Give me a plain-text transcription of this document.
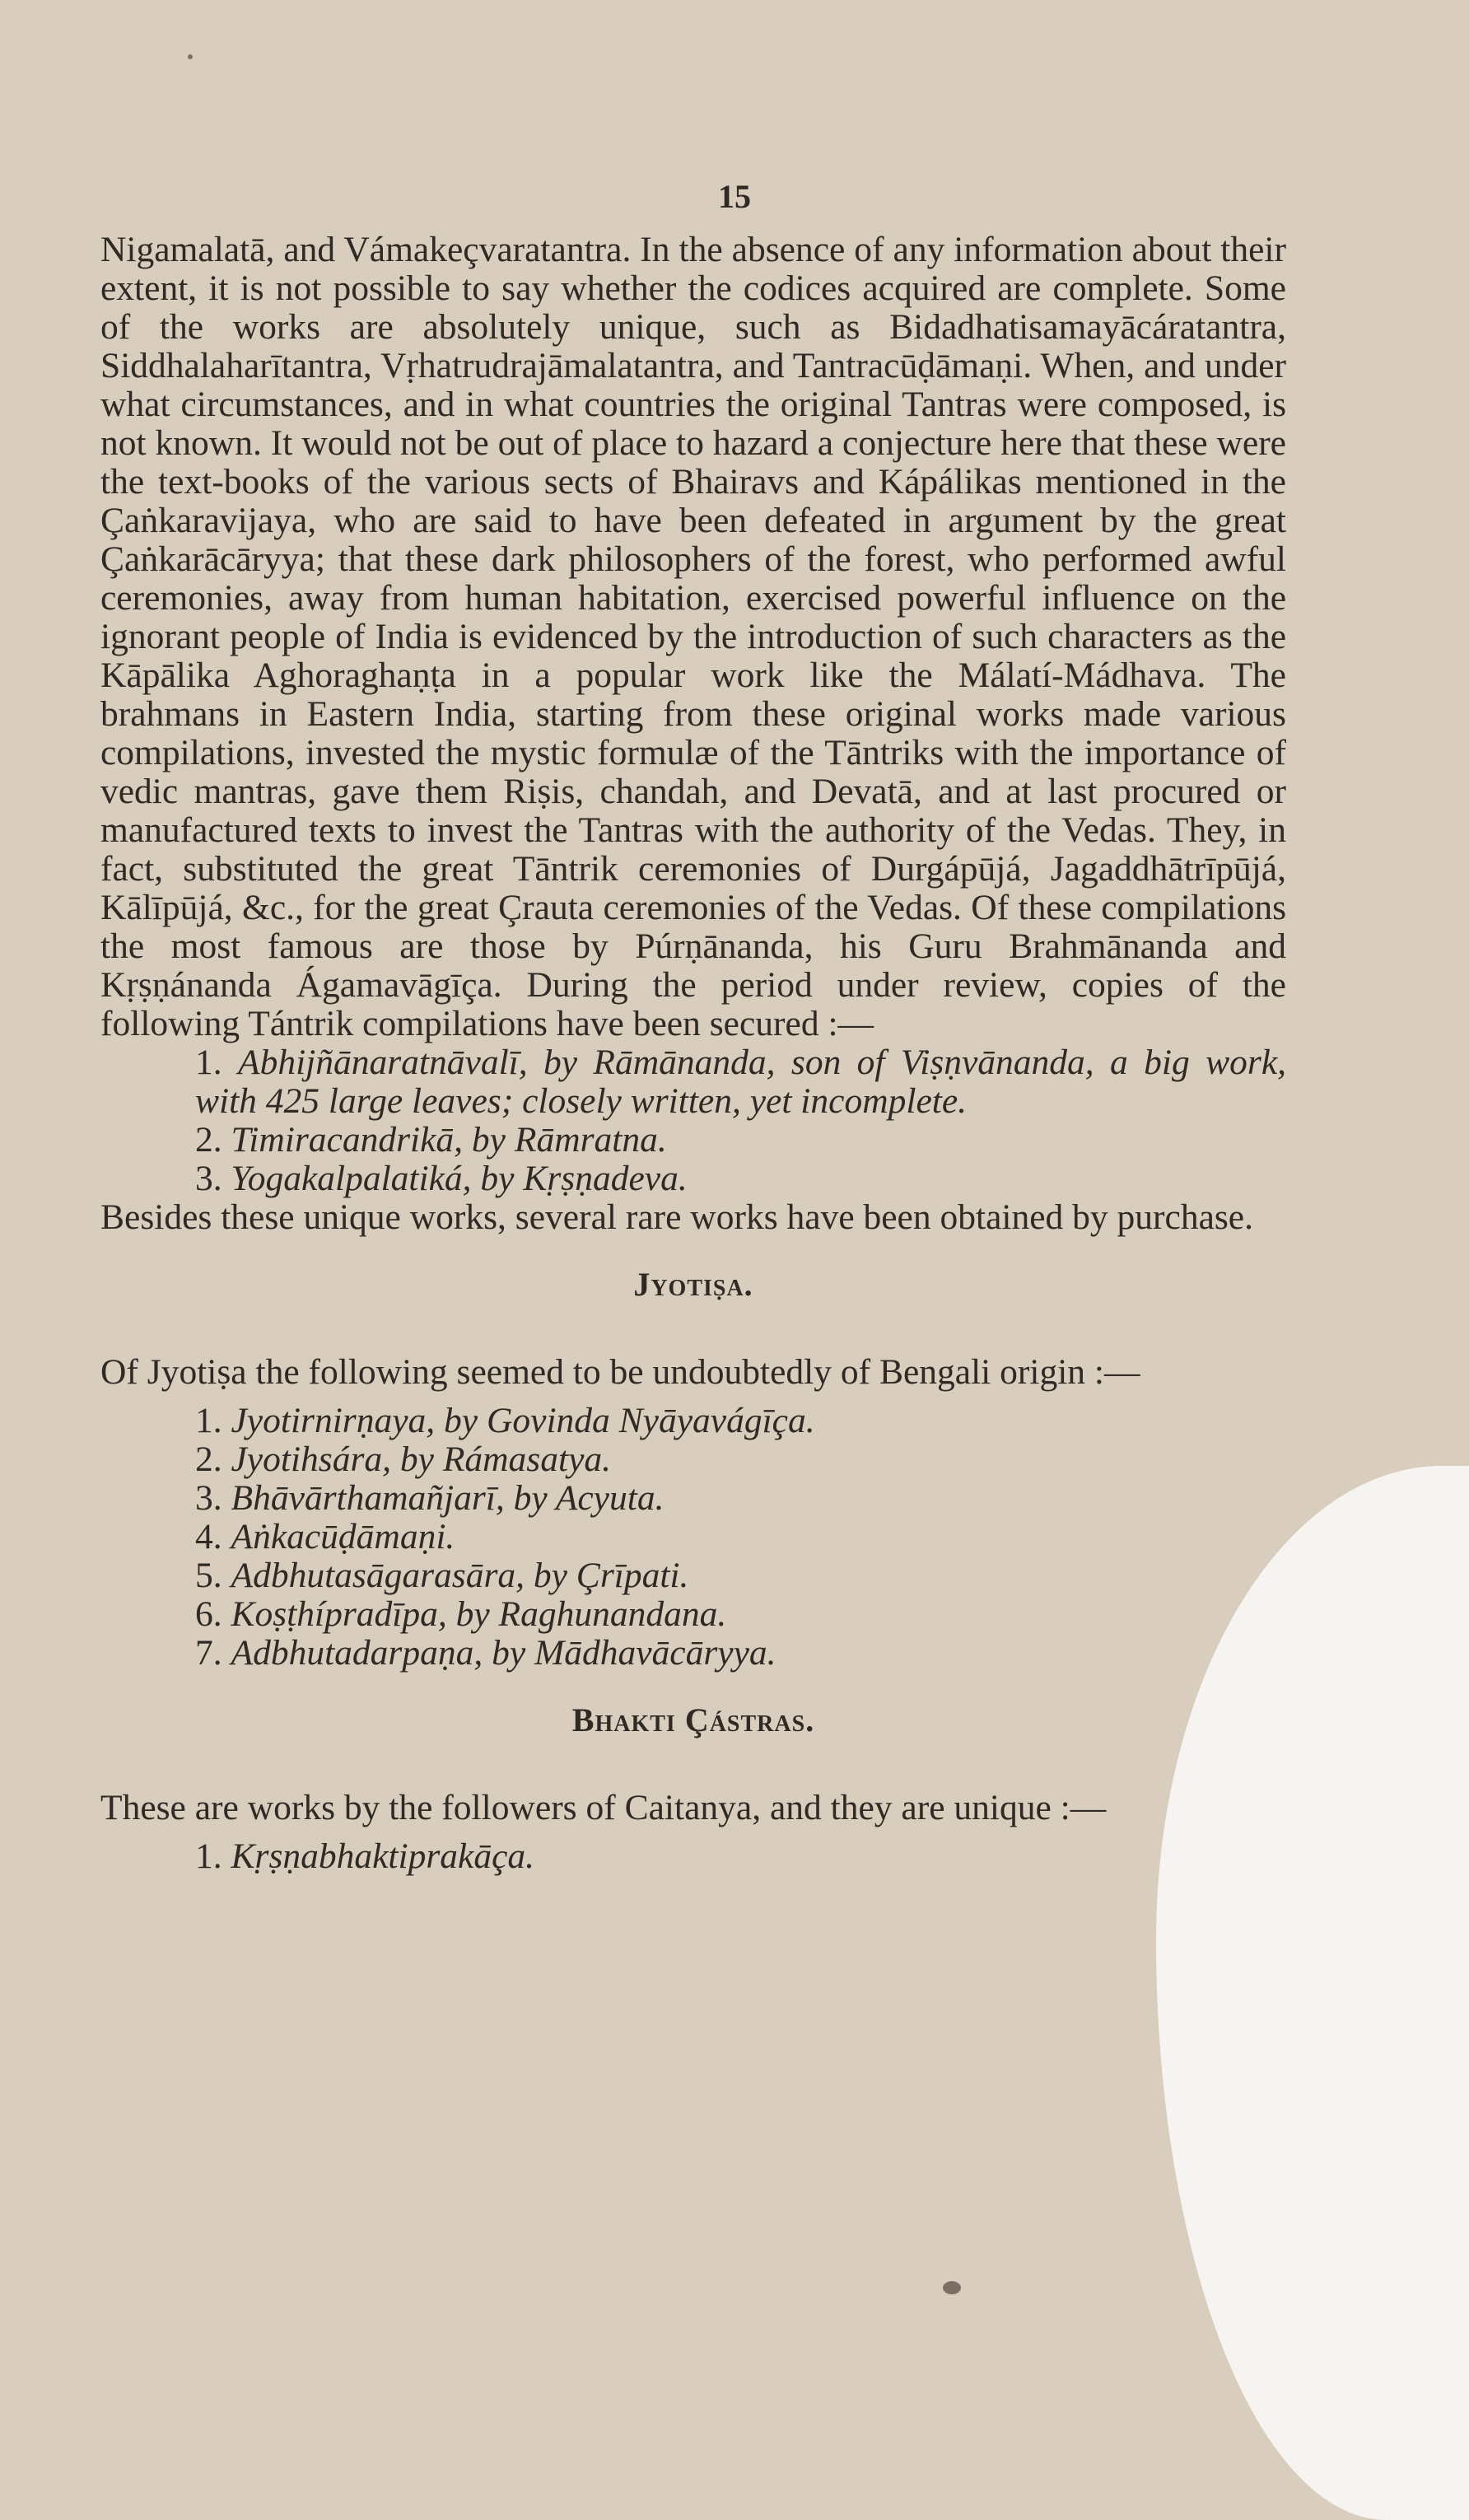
15

Nigamalatā, and Vámakeçvaratantra. In the absence of any information about their extent, it is not possible to say whether the codices acquired are complete. Some of the works are absolutely unique, such as Bidadhatisamayācáratantra, Siddhalaharītantra, Vṛhatrudrajāmalatantra, and Tantracūḍāmaṇi. When, and under what circumstances, and in what countries the original Tantras were composed, is not known. It would not be out of place to hazard a conjecture here that these were the text-books of the various sects of Bhairavs and Kápálikas mentioned in the Çaṅkaravijaya, who are said to have been defeated in argument by the great Çaṅkarācāryya; that these dark philosophers of the forest, who performed awful ceremonies, away from human habitation, exercised powerful influence on the ignorant people of India is evidenced by the introduction of such characters as the Kāpālika Aghoraghaṇṭa in a popular work like the Málatí-Mádhava. The brahmans in Eastern India, starting from these original works made various compilations, invested the mystic formulæ of the Tāntriks with the importance of vedic mantras, gave them Riṣis, chandah, and Devatā, and at last procured or manufactured texts to invest the Tantras with the authority of the Vedas. They, in fact, substituted the great Tāntrik ceremonies of Durgápūjá, Jagaddhātrīpūjá, Kālīpūjá, &c., for the great Çrauta ceremonies of the Vedas. Of these compilations the most famous are those by Púrṇānanda, his Guru Brahmānanda and Kṛṣṇánanda Ágamavāgīça. During the period under review, copies of the following Tántrik compilations have been secured :—

1. Abhijñānaratnāvalī, by Rāmānanda, son of Viṣṇvānanda, a big work, with 425 large leaves; closely written, yet incomplete.

2. Timiracandrikā, by Rāmratna.

3. Yogakalpalatiká, by Kṛṣṇadeva.

Besides these unique works, several rare works have been obtained by purchase.

Jyotiṣa.

Of Jyotiṣa the following seemed to be undoubtedly of Bengali origin :—

1. Jyotirnirṇaya, by Govinda Nyāyavágīça.

2. Jyotihsára, by Rámasatya.

3. Bhāvārthamañjarī, by Acyuta.

4. Aṅkacūḍāmaṇi.

5. Adbhutasāgarasāra, by Çrīpati.

6. Koṣṭhípradīpa, by Raghunandana.

7. Adbhutadarpaṇa, by Mādhavācāryya.

Bhakti Çástras.

These are works by the followers of Caitanya, and they are unique :—

1. Kṛṣṇabhaktiprakāça.
